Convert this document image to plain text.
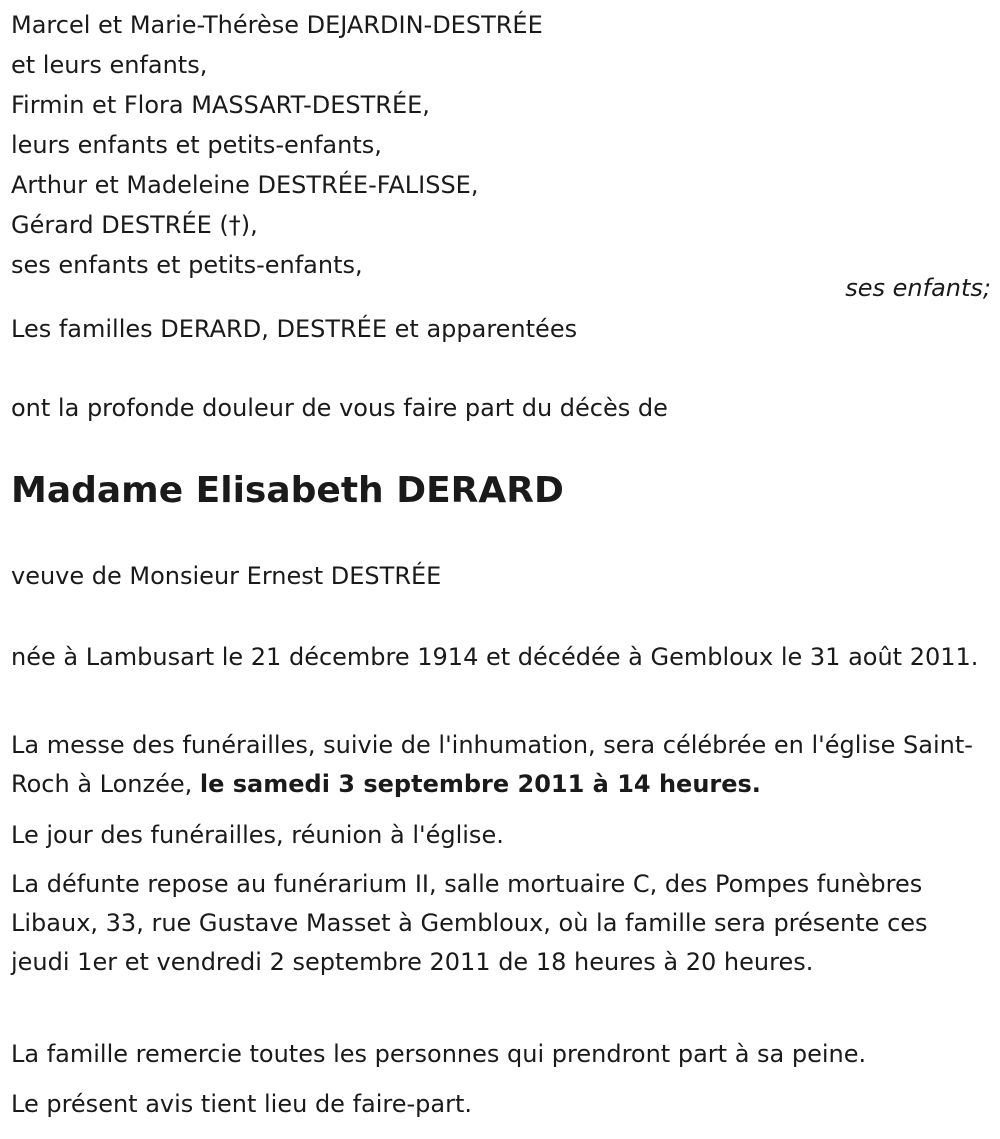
Marcel et Marie-Thérèse DEJARDIN-DESTRÉE
et leurs enfants,
Firmin et Flora MASSART-DESTRÉE,
leurs enfants et petits-enfants,
Arthur et Madeleine DESTRÉE-FALISSE,
Gérard DESTRÉE (†),
ses enfants et petits-enfants,
ses enfants;
Les familles DERARD, DESTRÉE et apparentées
ont la profonde douleur de vous faire part du décès de
Madame Elisabeth DERARD
veuve de Monsieur Ernest DESTRÉE
née à Lambusart le 21 décembre 1914 et décédée à Gembloux le 31 août 2011.
La messe des funérailles, suivie de l'inhumation, sera célébrée en l'église Saint-Roch à Lonzée, le samedi 3 septembre 2011 à 14 heures.
Le jour des funérailles, réunion à l'église.
La défunte repose au funérarium II, salle mortuaire C, des Pompes funèbres Libaux, 33, rue Gustave Masset à Gembloux, où la famille sera présente ces jeudi 1er et vendredi 2 septembre 2011 de 18 heures à 20 heures.
La famille remercie toutes les personnes qui prendront part à sa peine.
Le présent avis tient lieu de faire-part.
